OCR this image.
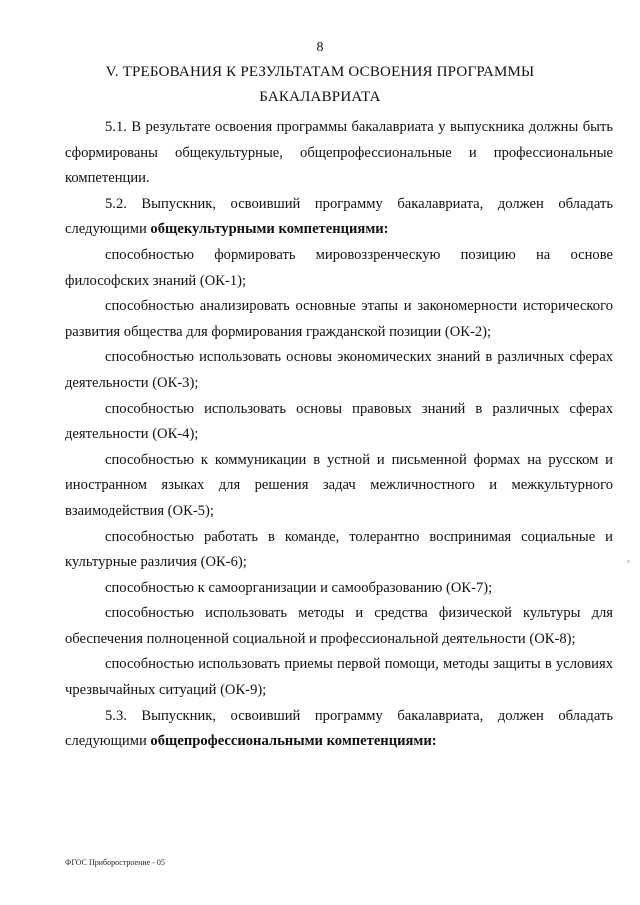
8
V. ТРЕБОВАНИЯ К РЕЗУЛЬТАТАМ ОСВОЕНИЯ ПРОГРАММЫ
БАКАЛАВРИАТА

5.1. В результате освоения программы бакалавриата у выпускника должны быть сформированы общекультурные, общепрофессиональные и профессиональные компетенции.

5.2. Выпускник, освоивший программу бакалавриата, должен обладать следующими общекультурными компетенциями:

способностью формировать мировоззренческую позицию на основе философских знаний (ОК-1);

способностью анализировать основные этапы и закономерности исторического развития общества для формирования гражданской позиции (ОК-2);

способностью использовать основы экономических знаний в различных сферах деятельности (ОК-3);

способностью использовать основы правовых знаний в различных сферах деятельности (ОК-4);

способностью к коммуникации в устной и письменной формах на русском и иностранном языках для решения задач межличностного и межкультурного взаимодействия (ОК-5);

способностью работать в команде, толерантно воспринимая социальные и культурные различия (ОК-6);

способностью к самоорганизации и самообразованию (ОК-7);

способностью использовать методы и средства физической культуры для обеспечения полноценной социальной и профессиональной деятельности (ОК-8);

способностью использовать приемы первой помощи, методы защиты в условиях чрезвычайных ситуаций (ОК-9);

5.3. Выпускник, освоивший программу бакалавриата, должен обладать следующими общепрофессиональными компетенциями:

ФГОС Приборостроение - 05
